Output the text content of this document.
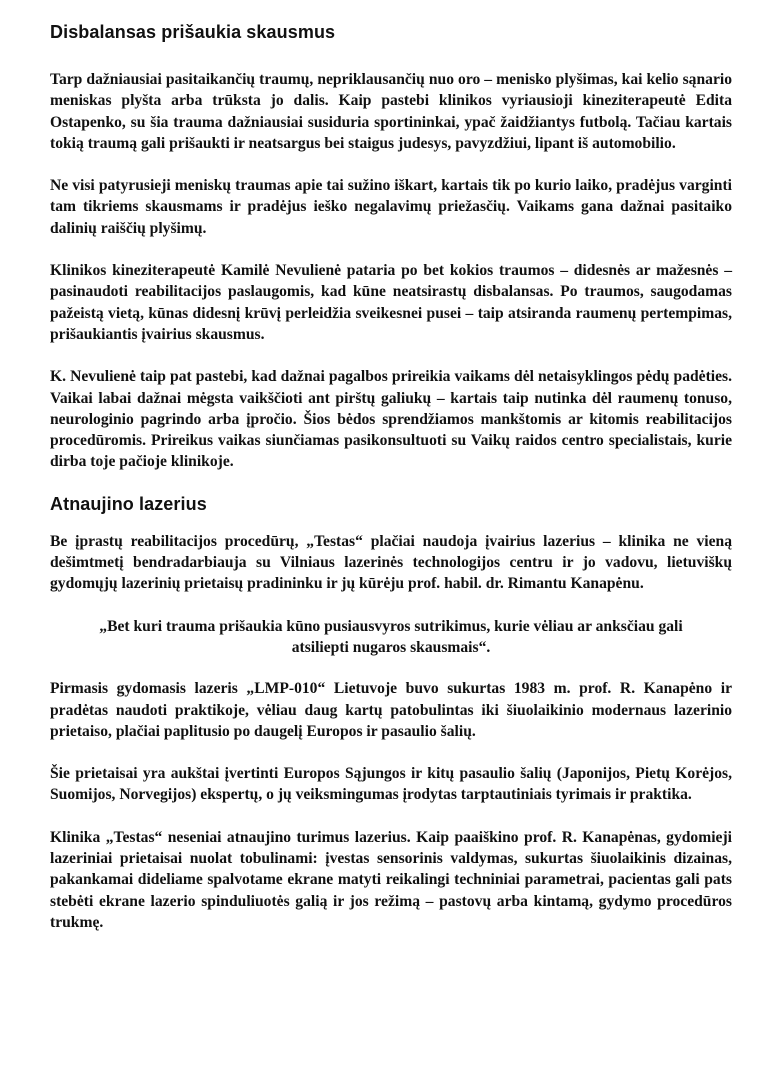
Disbalansas prišaukia skausmus

Tarp dažniausiai pasitaikančių traumų, nepriklausančių nuo oro – menisko plyšimas, kai kelio sąnario meniskas plyšta arba trūksta jo dalis. Kaip pastebi klinikos vyriausioji kineziterapeutė Edita Ostapenko, su šia trauma dažniausiai susiduria sportininkai, ypač žaidžiantys futbolą. Tačiau kartais tokią traumą gali prišaukti ir neatsargus bei staigus judesys, pavyzdžiui, lipant iš automobilio.

Ne visi patyrusieji meniskų traumas apie tai sužino iškart, kartais tik po kurio laiko, pradėjus varginti tam tikriems skausmams ir pradėjus ieško negalavimų priežasčių. Vaikams gana dažnai pasitaiko dalinių raiščių plyšimų.

Klinikos kineziterapeutė Kamilė Nevulienė pataria po bet kokios traumos – didesnės ar mažesnės – pasinaudoti reabilitacijos paslaugomis, kad kūne neatsirastų disbalansas. Po traumos, saugodamas pažeistą vietą, kūnas didesnį krūvį perleidžia sveikesnei pusei – taip atsiranda raumenų pertempimas, prišaukiantis įvairius skausmus.

K. Nevulienė taip pat pastebi, kad dažnai pagalbos prireikia vaikams dėl netaisyklingos pėdų padėties. Vaikai labai dažnai mėgsta vaikščioti ant pirštų galiukų – kartais taip nutinka dėl raumenų tonuso, neurologinio pagrindo arba įpročio. Šios bėdos sprendžiamos mankštomis ar kitomis reabilitacijos procedūromis. Prireikus vaikas siunčiamas pasikonsultuoti su Vaikų raidos centro specialistais, kurie dirba toje pačioje klinikoje.

Atnaujino lazerius

Be įprastų reabilitacijos procedūrų, „Testas“ plačiai naudoja įvairius lazerius – klinika ne vieną dešimtmetį bendradarbiauja su Vilniaus lazerinės technologijos centru ir jo vadovu, lietuviškų gydomųjų lazerinių prietaisų pradininku ir jų kūrėju prof. habil. dr. Rimantu Kanapėnu.

„Bet kuri trauma prišaukia kūno pusiausvyros sutrikimus, kurie vėliau ar anksčiau gali atsiliepti nugaros skausmais“.

Pirmasis gydomasis lazeris „LMP-010“ Lietuvoje buvo sukurtas 1983 m. prof. R. Kanapėno ir pradėtas naudoti praktikoje, vėliau daug kartų patobulintas iki šiuolaikinio modernaus lazerinio prietaiso, plačiai paplitusio po daugelį Europos ir pasaulio šalių.

Šie prietaisai yra aukštai įvertinti Europos Sąjungos ir kitų pasaulio šalių (Japonijos, Pietų Korėjos, Suomijos, Norvegijos) ekspertų, o jų veiksmingumas įrodytas tarptautiniais tyrimais ir praktika.

Klinika „Testas“ neseniai atnaujino turimus lazerius. Kaip paaiškino prof. R. Kanapėnas, gydomieji lazeriniai prietaisai nuolat tobulinami: įvestas sensorinis valdymas, sukurtas šiuolaikinis dizainas, pakankamai dideliame spalvotame ekrane matyti reikalingi techniniai parametrai, pacientas gali pats stebėti ekrane lazerio spinduliuotės galią ir jos režimą – pastovų arba kintamą, gydymo procedūros trukmę.
